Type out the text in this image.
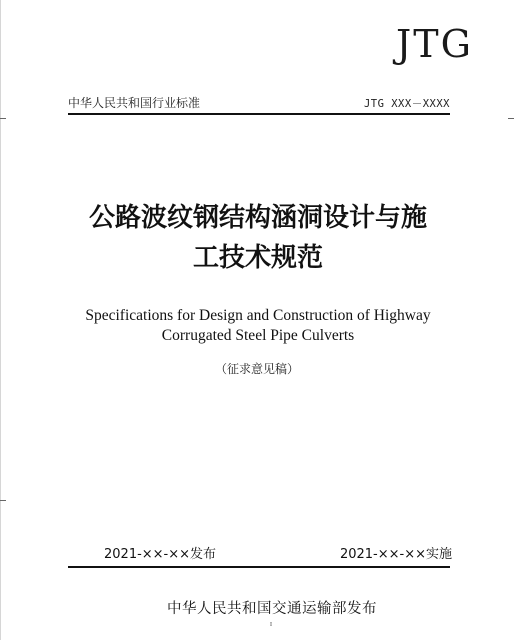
JTG
中华人民共和国行业标准	JTG XXX－XXXX
公路波纹钢结构涵洞设计与施
工技术规范
Specifications for Design and Construction of Highway
Corrugated Steel Pipe Culverts
（征求意见稿）
2021-××-××发布	2021-××-××实施
中华人民共和国交通运输部发布
I
